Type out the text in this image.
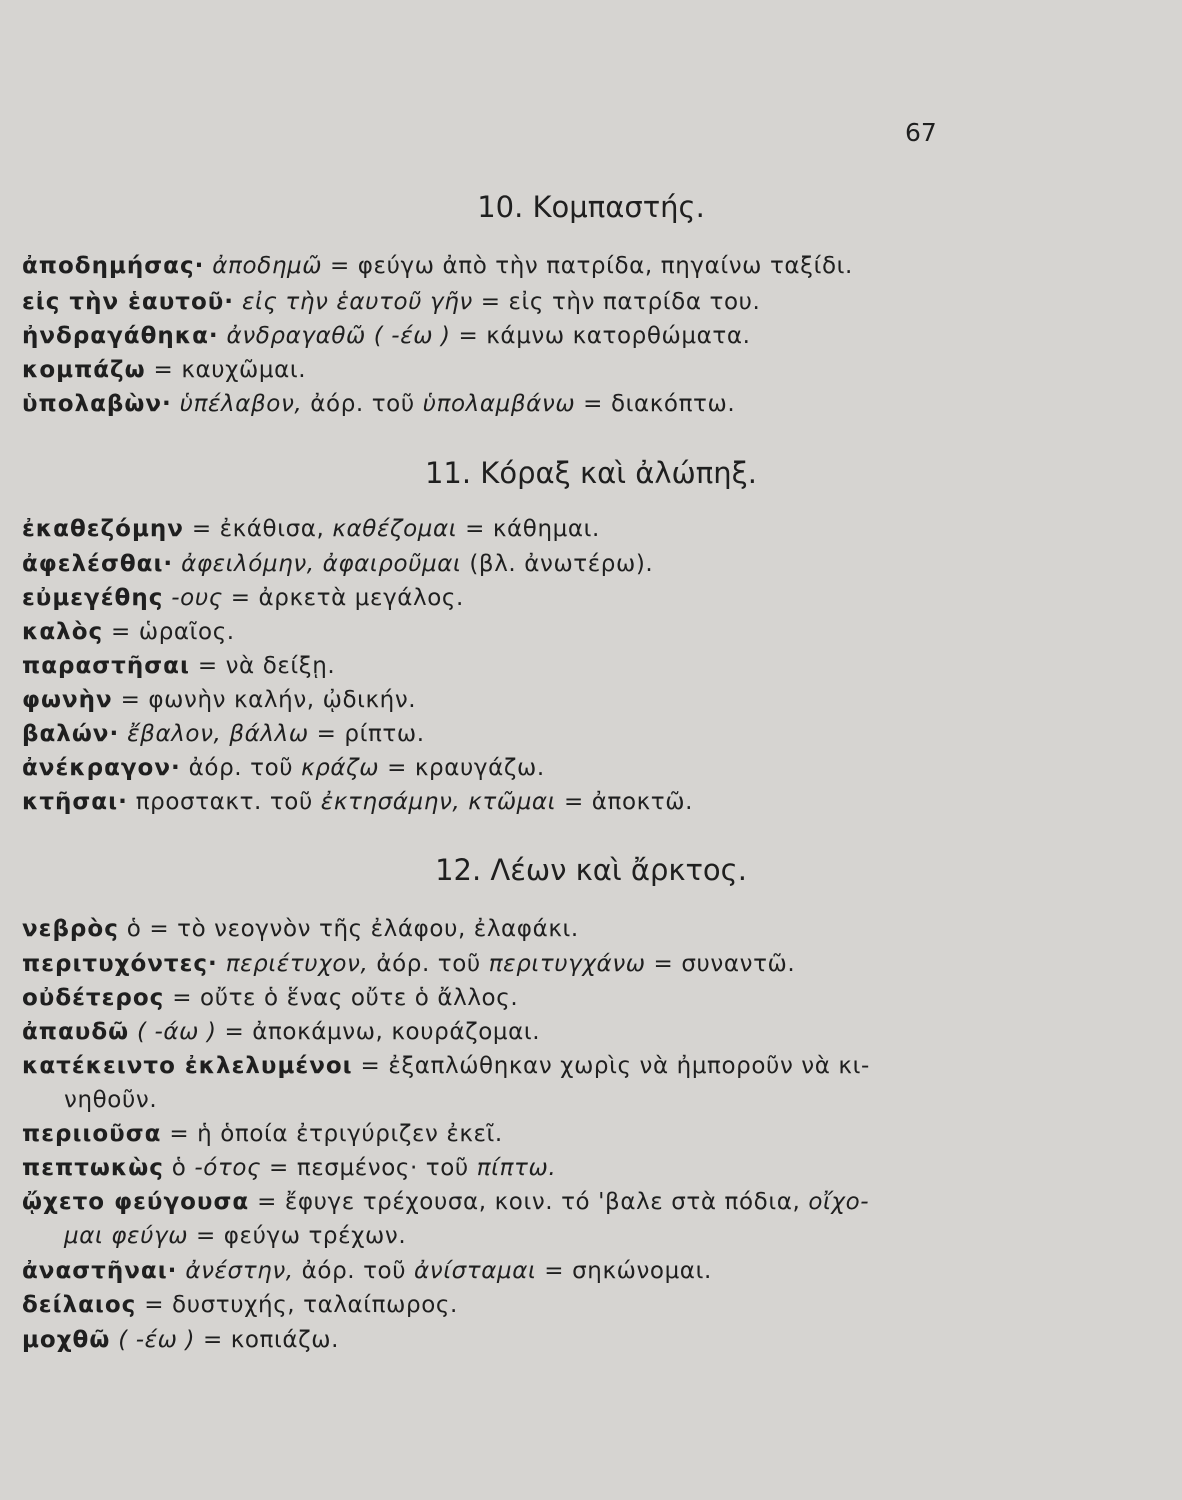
67
10. Κομπαστής.
ἀποδημήσας· ἀποδημῶ = φεύγω ἀπὸ τὴν πατρίδα, πηγαίνω ταξίδι.
εἰς τὴν ἑαυτοῦ· εἰς τὴν ἑαυτοῦ γῆν = εἰς τὴν πατρίδα του.
ἠνδραγάθηκα· ἀνδραγαθῶ ( -έω ) = κάμνω κατορθώματα.
κομπάζω = καυχῶμαι.
ὑπολαβὼν· ὑπέλαβον, ἀόρ. τοῦ ὑπολαμβάνω = διακόπτω.
11. Κόραξ καὶ ἀλώπηξ.
ἐκαθεζόμην = ἐκάθισα, καθέζομαι = κάθημαι.
ἀφελέσθαι· ἀφειλόμην, ἀφαιροῦμαι (βλ. ἀνωτέρω).
εὐμεγέθης -ους = ἀρκετὰ μεγάλος.
καλὸς = ὡραῖος.
παραστῆσαι = νὰ δείξῃ.
φωνὴν = φωνὴν καλήν, ᾠδικήν.
βαλών· ἔβαλον, βάλλω = ρίπτω.
ἀνέκραγον· ἀόρ. τοῦ κράζω = κραυγάζω.
κτῆσαι· προστακτ. τοῦ ἐκτησάμην, κτῶμαι = ἀποκτῶ.
12. Λέων καὶ ἄρκτος.
νεβρὸς ὁ = τὸ νεογνὸν τῆς ἐλάφου, ἐλαφάκι.
περιτυχόντες· περιέτυχον, ἀόρ. τοῦ περιτυγχάνω = συναντῶ.
οὐδέτερος = οὔτε ὁ ἕνας οὔτε ὁ ἄλλος.
ἀπαυδῶ ( -άω ) = ἀποκάμνω, κουράζομαι.
κατέκειντο ἐκλελυμένοι = ἐξαπλώθηκαν χωρὶς νὰ ἠμποροῦν νὰ κι-
νηθοῦν.
περιιοῦσα = ἡ ὁποία ἐτριγύριζεν ἐκεῖ.
πεπτωκὼς ὁ -ότος = πεσμένος· τοῦ πίπτω.
ᾤχετο φεύγουσα = ἔφυγε τρέχουσα, κοιν. τό 'βαλε στὰ πόδια, οἴχο-
μαι φεύγω = φεύγω τρέχων.
ἀναστῆναι· ἀνέστην, ἀόρ. τοῦ ἀνίσταμαι = σηκώνομαι.
δείλαιος = δυστυχής, ταλαίπωρος.
μοχθῶ ( -έω ) = κοπιάζω.
